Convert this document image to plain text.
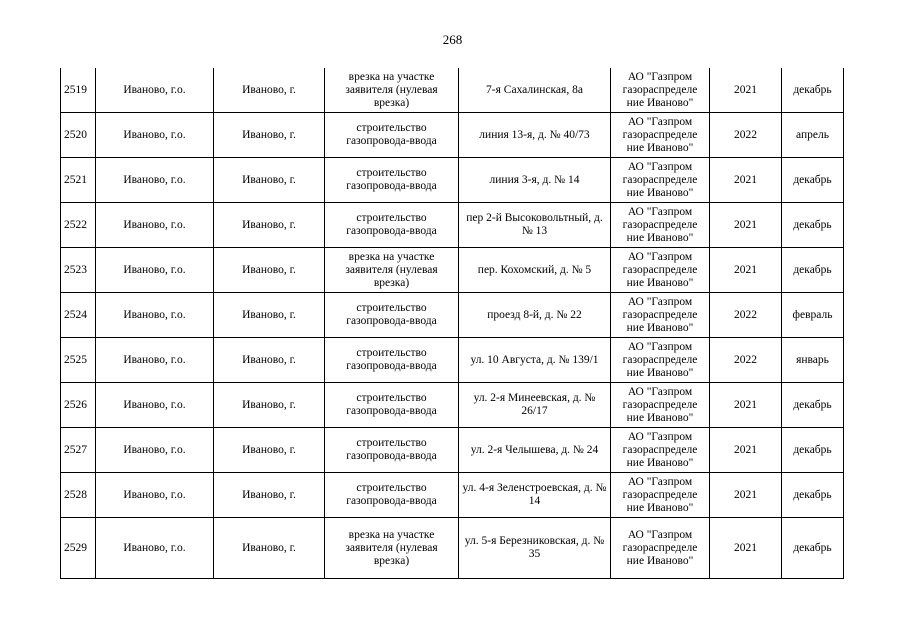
268
2519	Иваново, г.о.	Иваново, г.	врезка на участке заявителя (нулевая врезка)	7-я Сахалинская, 8а	АО "Газпром газораспределе ние Иваново"	2021	декабрь	
2520	Иваново, г.о.	Иваново, г.	строительство газопровода-ввода	линия 13-я, д. № 40/73	АО "Газпром газораспределе ние Иваново"	2022	апрель	
2521	Иваново, г.о.	Иваново, г.	строительство газопровода-ввода	линия 3-я, д. № 14	АО "Газпром газораспределе ние Иваново"	2021	декабрь	
2522	Иваново, г.о.	Иваново, г.	строительство газопровода-ввода	пер 2-й Высоковольтный, д. № 13	АО "Газпром газораспределе ние Иваново"	2021	декабрь	
2523	Иваново, г.о.	Иваново, г.	врезка на участке заявителя (нулевая врезка)	пер. Кохомский, д. № 5	АО "Газпром газораспределе ние Иваново"	2021	декабрь	
2524	Иваново, г.о.	Иваново, г.	строительство газопровода-ввода	проезд 8-й, д. № 22	АО "Газпром газораспределе ние Иваново"	2022	февраль	
2525	Иваново, г.о.	Иваново, г.	строительство газопровода-ввода	ул. 10 Августа, д. № 139/1	АО "Газпром газораспределе ние Иваново"	2022	январь	
2526	Иваново, г.о.	Иваново, г.	строительство газопровода-ввода	ул. 2-я Минеевская, д. № 26/17	АО "Газпром газораспределе ние Иваново"	2021	декабрь	
2527	Иваново, г.о.	Иваново, г.	строительство газопровода-ввода	ул. 2-я Челышева, д. № 24	АО "Газпром газораспределе ние Иваново"	2021	декабрь	
2528	Иваново, г.о.	Иваново, г.	строительство газопровода-ввода	ул. 4-я Зеленстроевская, д. № 14	АО "Газпром газораспределе ние Иваново"	2021	декабрь	
2529	Иваново, г.о.	Иваново, г.	врезка на участке заявителя (нулевая врезка)	ул. 5-я Березниковская, д. № 35	АО "Газпром газораспределе ние Иваново"	2021	декабрь	
